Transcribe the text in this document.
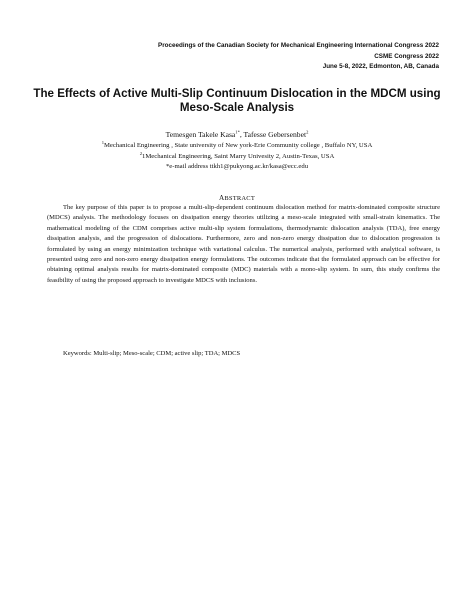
Proceedings of the Canadian Society for Mechanical Engineering International Congress 2022
CSME Congress 2022
June 5-8, 2022, Edmonton, AB, Canada
The Effects of Active Multi-Slip Continuum Dislocation in the MDCM using
Meso-Scale Analysis
Temesgen Takele Kasa$^{1*}$, Tafesse Gebersenbet$^2$
$^1$Mechanical Engineering , State university of New york-Erie Community college , Buffalo NY, USA
$^2$1Mechanical Engineering, Saint Marry Univesity 2, Austin-Texas, USA
*e-mail address ttkh1@pukyong.ac.kr/kasa@ecc.edu
ABSTRACT

The key purpose of this paper is to propose a multi-slip-dependent continuum dislocation method for matrix-dominated composite structure (MDCS) analysis. The methodology focuses on dissipation energy theories utilizing a meso-scale integrated with small-strain kinematics. The mathematical modeling of the CDM comprises active multi-slip system formulations, thermodynamic dislocation analysis (TDA), free energy dissipation analysis, and the progression of dislocations. Furthermore, zero and non-zero energy dissipation due to dislocation progression is formulated by using an energy minimization technique with variational calculus. The numerical analysis, performed with analytical software, is presented using zero and non-zero energy dissipation energy formulations. The outcomes indicate that the formulated approach can be effective for obtaining optimal analysis results for matrix-dominated composite (MDC) materials with a mono-slip system. In sum, this study confirms the feasibility of using the proposed approach to investigate MDCS with inclusions.

Keywords: Multi-slip; Meso-scale; CDM; active slip; TDA; MDCS
